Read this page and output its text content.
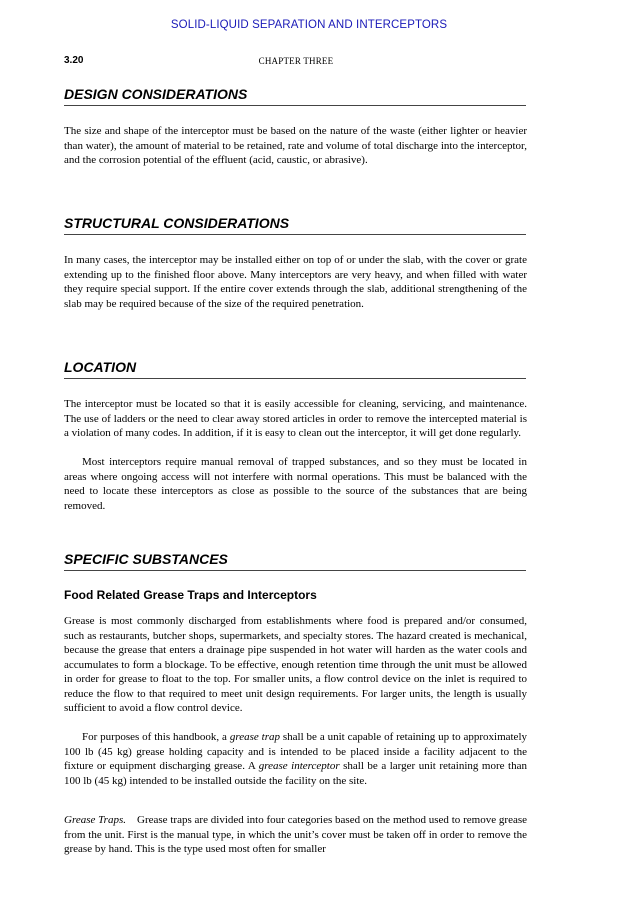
SOLID-LIQUID SEPARATION AND INTERCEPTORS
3.20	CHAPTER THREE
DESIGN CONSIDERATIONS

The size and shape of the interceptor must be based on the nature of the waste (either lighter or heavier than water), the amount of material to be retained, rate and volume of total discharge into the interceptor, and the corrosion potential of the effluent (acid, caustic, or abrasive).

STRUCTURAL CONSIDERATIONS

In many cases, the interceptor may be installed either on top of or under the slab, with the cover or grate extending up to the finished floor above. Many interceptors are very heavy, and when filled with water they require special support. If the entire cover extends through the slab, additional strengthening of the slab may be required because of the size of the required penetration.

LOCATION

The interceptor must be located so that it is easily accessible for cleaning, servicing, and maintenance. The use of ladders or the need to clear away stored articles in order to remove the intercepted material is a violation of many codes. In addition, if it is easy to clean out the interceptor, it will get done regularly.

Most interceptors require manual removal of trapped substances, and so they must be located in areas where ongoing access will not interfere with normal operations. This must be balanced with the need to locate these interceptors as close as possible to the source of the substances that are being removed.

SPECIFIC SUBSTANCES
Food Related Grease Traps and Interceptors

Grease is most commonly discharged from establishments where food is prepared and/or consumed, such as restaurants, butcher shops, supermarkets, and specialty stores. The hazard created is mechanical, because the grease that enters a drainage pipe suspended in hot water will harden as the water cools and accumulates to form a blockage. To be effective, enough retention time through the unit must be allowed in order for grease to float to the top. For smaller units, a flow control device on the inlet is required to reduce the flow to that required to meet unit design requirements. For larger units, the length is usually sufficient to avoid a flow control device.

For purposes of this handbook, a grease trap shall be a unit capable of retaining up to approximately 100 lb (45 kg) grease holding capacity and is intended to be placed inside a facility adjacent to the fixture or equipment discharging grease. A grease interceptor shall be a larger unit retaining more than 100 lb (45 kg) intended to be installed outside the facility on the site.

Grease Traps. Grease traps are divided into four categories based on the method used to remove grease from the unit. First is the manual type, in which the unit’s cover must be taken off in order to remove the grease by hand. This is the type used most often for smaller
